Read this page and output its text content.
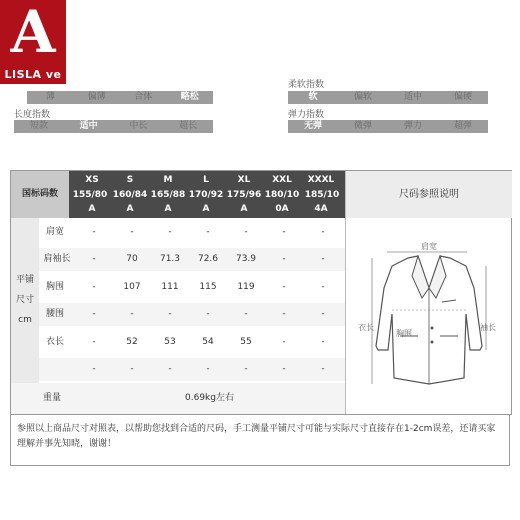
A
LISLA ve
薄	偏薄	合体	略松
柔软指数
软	偏软	适中	偏硬
长度指数
短款	适中	中长	超长
弹力指数
无弹	微弹	弹力	超弹
国标码数
XS	S	M	L	XL	XXL	XXXL
155/80 160/84 165/88 170/92 175/96 180/10 185/10
A	A	A	A	A	0A	4A
尺码参照说明
平铺
尺寸
cm
肩宽	-	-	-	-	-	-	-
肩袖长	-	70	71.3	72.6	73.9	-	-
胸围	-	107	111	115	119	-	-
腰围	-	-	-	-	-	-	-
衣长	-	52	53	54	55	-	-
-	-	-	-	-	-	-
重量	0.69kg左右
肩宽
衣长
胸围
袖长
参照以上商品尺寸对照表，以帮助您找到合适的尺码，手工测量平铺尺寸可能与实际尺寸直接存在1-2cm误差，还请买家理解并事先知晓，谢谢！
